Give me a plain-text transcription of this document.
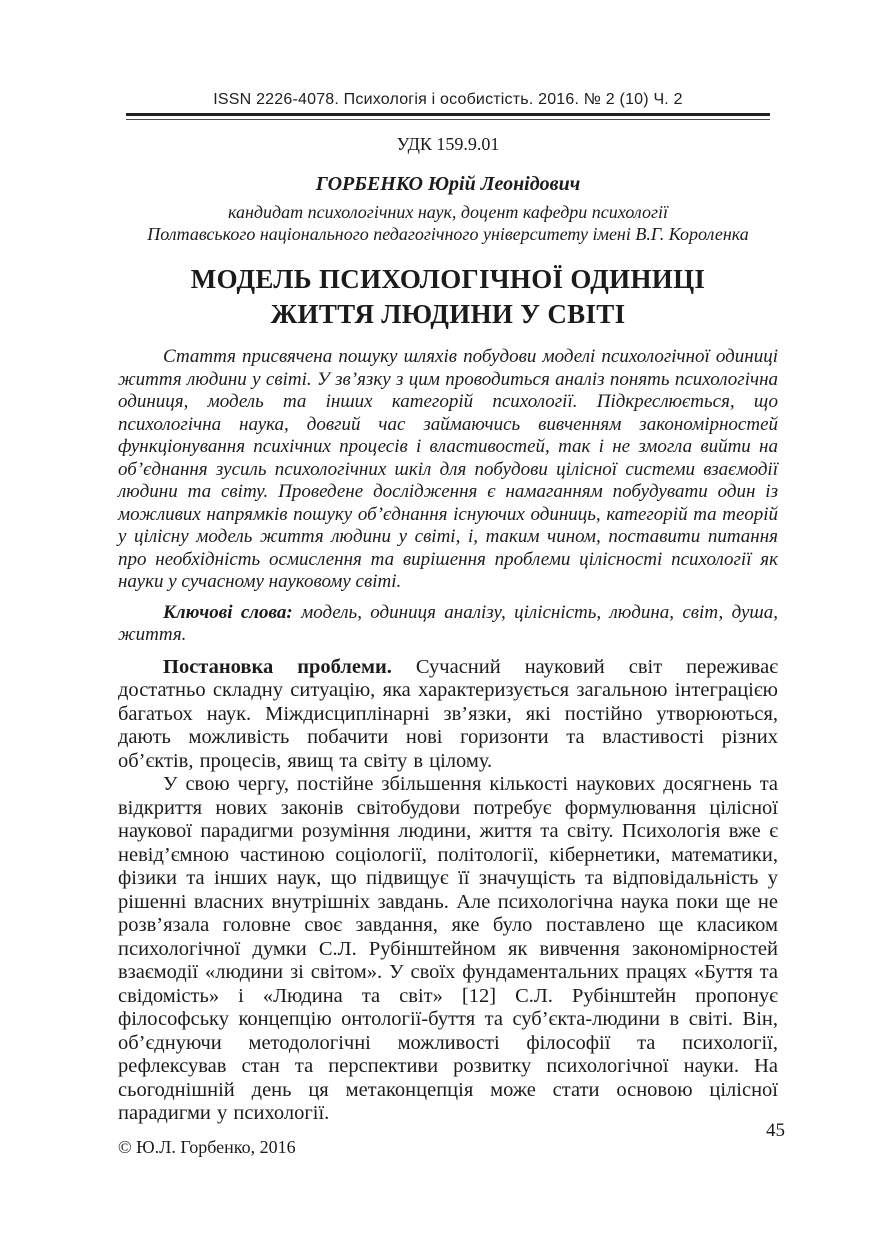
ISSN 2226-4078. Психологія і особистість. 2016. № 2 (10) Ч. 2
УДК 159.9.01
ГОРБЕНКО Юрій Леонідович
кандидат психологічних наук, доцент кафедри психології
Полтавського національного педагогічного університету імені В.Г. Короленка
МОДЕЛЬ ПСИХОЛОГІЧНОЇ ОДИНИЦІ
ЖИТТЯ ЛЮДИНИ У СВІТІ

Стаття присвячена пошуку шляхів побудови моделі психологічної одиниці життя людини у світі. У зв’язку з цим проводиться аналіз понять психологічна одиниця, модель та інших категорій психології. Підкреслюється, що психологічна наука, довгий час займаючись вивченням закономірностей функціонування психічних процесів і властивостей, так і не змогла вийти на об’єднання зусиль психологічних шкіл для побудови цілісної системи взаємодії людини та світу. Проведене дослідження є намаганням побудувати один із можливих напрямків пошуку об’єднання існуючих одиниць, категорій та теорій у цілісну модель життя людини у світі, і, таким чином, поставити питання про необхідність осмислення та вирішення проблеми цілісності психології як науки у сучасному науковому світі.

Ключові слова: модель, одиниця аналізу, цілісність, людина, світ, душа, життя.

Постановка проблеми. Сучасний науковий світ переживає достатньо складну ситуацію, яка характеризується загальною інтеграцією багатьох наук. Міждисциплінарні зв’язки, які постійно утворюються, дають можливість побачити нові горизонти та властивості різних об’єктів, процесів, явищ та світу в цілому.

У свою чергу, постійне збільшення кількості наукових досягнень та відкриття нових законів світобудови потребує формулювання цілісної наукової парадигми розуміння людини, життя та світу. Психологія вже є невід’ємною частиною соціології, політології, кібернетики, математики, фізики та інших наук, що підвищує її значущість та відповідальність у рішенні власних внутрішніх завдань. Але психологічна наука поки ще не розв’язала головне своє завдання, яке було поставлено ще класиком психологічної думки С.Л. Рубінштейном як вивчення закономірностей взаємодії «людини зі світом». У своїх фундаментальних працях «Буття та свідомість» і «Людина та світ» [12] С.Л. Рубінштейн пропонує філософську концепцію онтології-буття та суб’єкта-людини в світі. Він, об’єднуючи методологічні можливості філософії та психології, рефлексував стан та перспективи розвитку психологічної науки. На сьогоднішній день ця метаконцепція може стати основою цілісної парадигми у психології.

© Ю.Л. Горбенко, 2016
45
